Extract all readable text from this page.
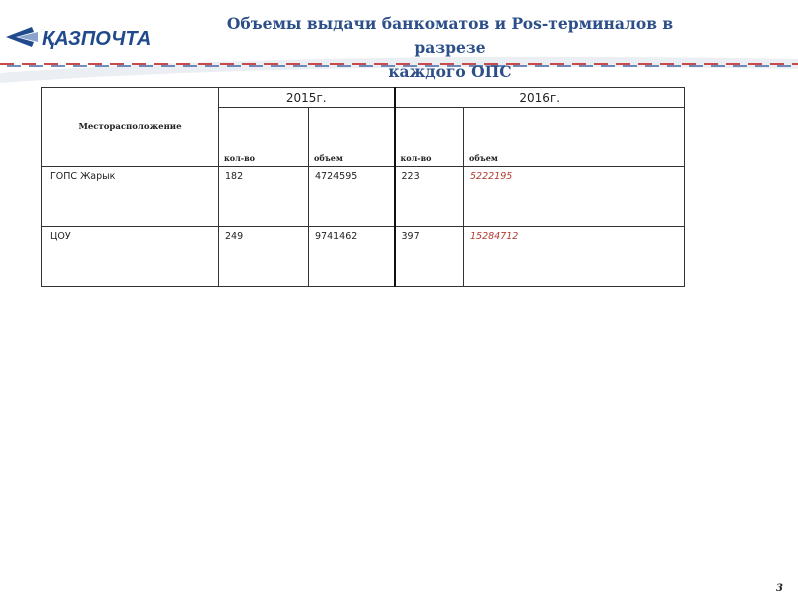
ҚАЗПОЧТА
Объемы выдачи банкоматов и Pos-терминалов в разрезе
каждого ОПС
Месторасположение	2015г.		2016г.	
	кол-во	объем	кол-во	объем
ГОПС Жарык	182	4724595	223	5222195
ЦОУ	249	9741462	397	15284712
3
